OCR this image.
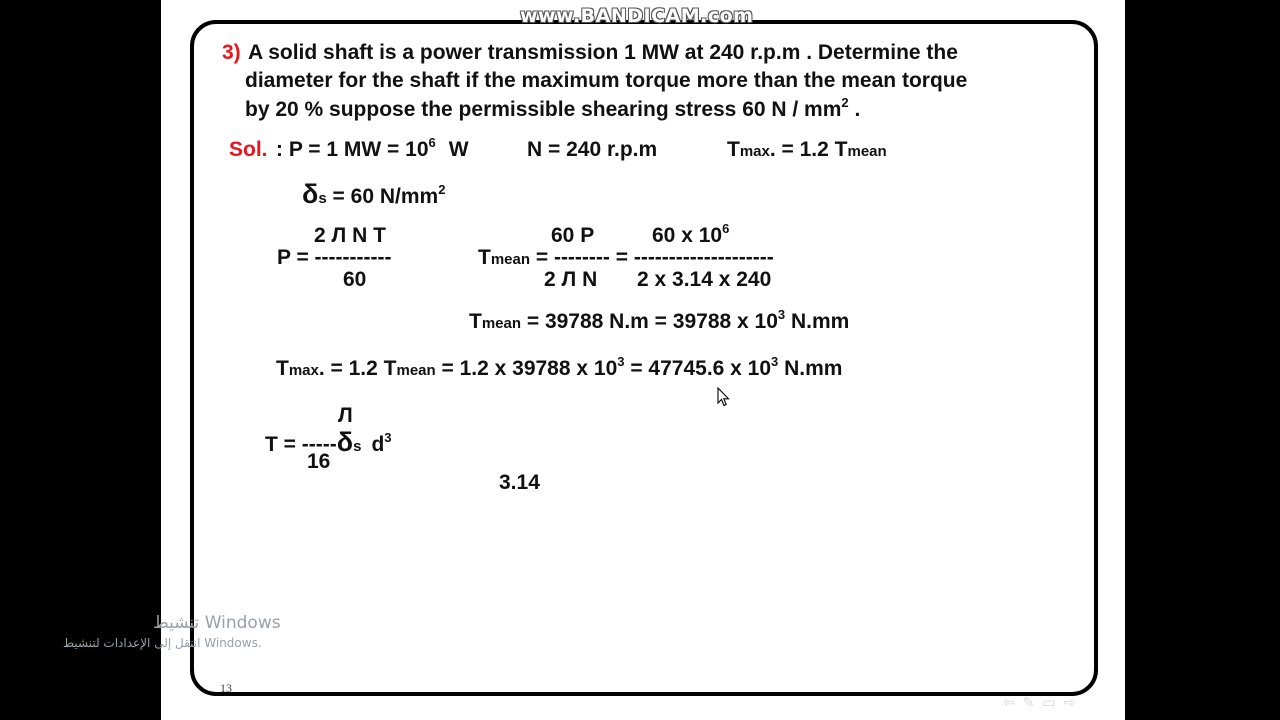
www.BANDICAM.com
3) A solid shaft is a power transmission 1 MW at 240 r.p.m . Determine the
diameter for the shaft if the maximum torque more than the mean torque
by 20 % suppose the permissible shearing stress 60 N / $mm^2$ .
Sol. : P = 1 MW = $10^6$ W	N = 240 r.p.m	Tmax. = 1.2 Tmean
δs = 60 $N/mm^2$
2 Л N T
P = -----------
60
60 P	60 x $10^6$
Tmean = -------- = --------------------
2 Л N 2 x 3.14 x 240
Tmean = 39788 N.m = 39788 x $10^3$ N.mm
Tmax. = 1.2 Tmean = 1.2 x 39788 x $10^3 = 47745.6$ x $10^3$ N.mm
Л
T = -----δs $d^3$
16
3.14
تنشيط Windows
انتقل إلى الإعدادات لتنشيط Windows.
13
⇦✎▭⇨
